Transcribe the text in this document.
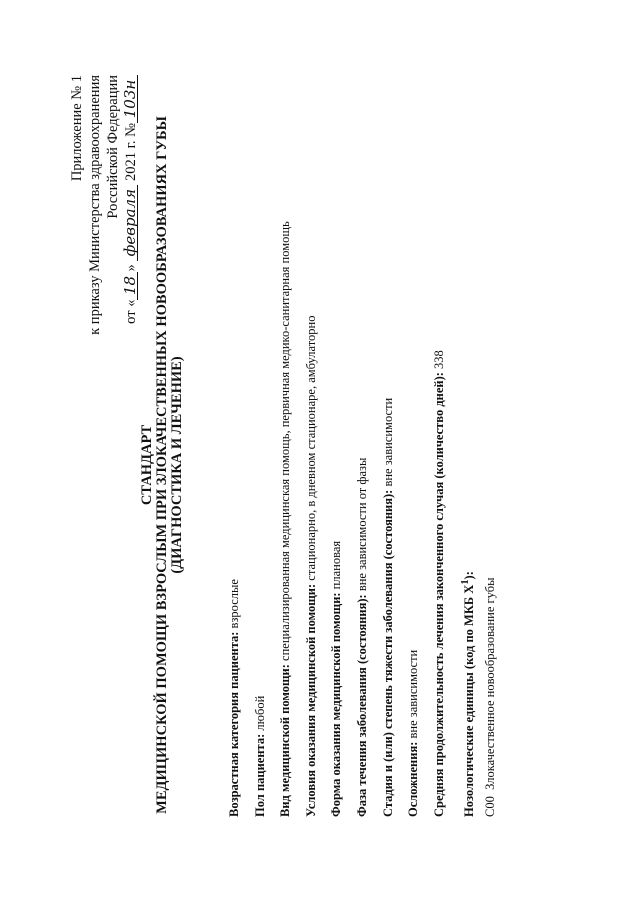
Приложение № 1 к приказу Министерства здравоохранения Российской Федерации
от «18» февраля 2021 г. №103н
СТАНДАРТ МЕДИЦИНСКОЙ ПОМОЩИ ВЗРОСЛЫМ ПРИ ЗЛОКАЧЕСТВЕННЫХ НОВООБРАЗОВАНИЯХ ГУБЫ (ДИАГНОСТИКА И ЛЕЧЕНИЕ)
Возрастная категория пациента: взрослые
Пол пациента: любой Вид медицинской помощи: специализированная медицинская помощь, первичная медико-санитарная помощь
Условия оказания медицинской помощи: стационарно, в дневном стационаре, амбулаторно
Форма оказания медицинской помощи: плановая
Фаза течения заболевания (состояния): вне зависимости от фазы Стадия и (или) степень тяжести заболевания (состояния): вне зависимости
Осложнения: вне зависимости Средняя продолжительность лечения законченного случая (количество дней): 338
Нозологические единицы (код по МКБ $X^1$):
C00 Злокачественное новообразование губы
